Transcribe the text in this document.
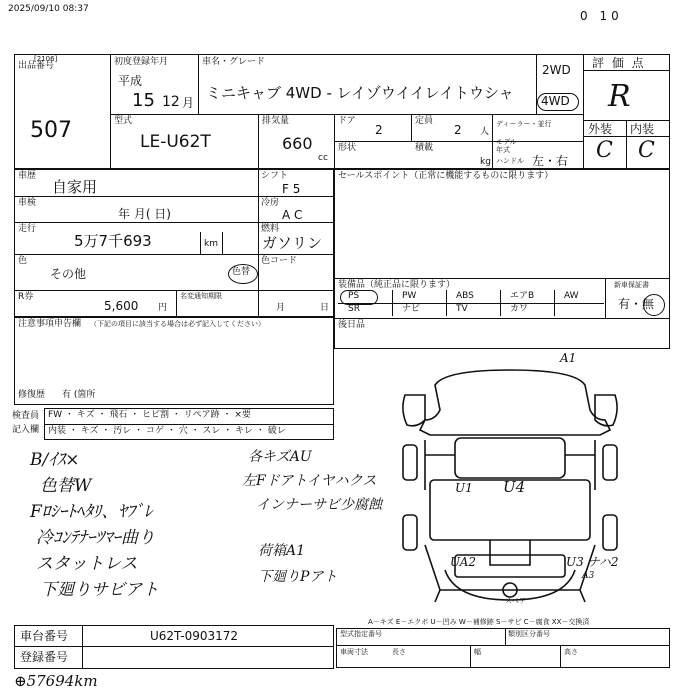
2025/09/10 08:37	0 10
[2106]
出品番号
507
初度登録年月
平成
15 12 月
車名・グレード
ミニキャブ 4WD - レイゾウイイレイトウシャ
2WD
4WD
評 価 点
R
外装 内装
C C
型式
LE-U62T
排気量
660
cc
ドア
2
定員
2 人
ディーラー・並行
モデル年式
形状	積載
kg ハンドル 左・右
車歴
自家用
シフト
F 5
車検
年 月( 日)
冷房
A C
走行
5万7千693	km
燃料
ガソリン
色
その他	色替
色コード
R券
5,600 円
名変通知期限
月	日
セールスポイント（正常に機能するものに限ります）
装備品（純正品に限ります）	新車保証書
有・無
PS	PW	ABS	エアB	AW
SR	ナビ	TV	カワ
後日品
注意事項申告欄 （下記の項目に該当する場合は必ず記入してください）
修復歴 有 (箇所
検査員
記入欄
FW ・ キズ ・ 飛石 ・ ヒビ割 ・ リペア跡 ・ ×要
内装 ・ キズ ・ 汚レ ・ コゲ ・ 穴 ・ スレ ・ キレ ・ 破レ
B/ｲｽ×
色替W
Fﾛｼｰﾄﾍﾀﾘ、ﾔﾌﾞﾚ
冷ｺﾝﾃﾅｰﾂﾏｰ曲り
スタットレス
下廻りサビアト
各キズAU
左Fドアトイヤハクス
インナーサビ少腐蝕
荷箱A1
下廻りPアト
A1
U1 U4
UA2	U3 ナハ2
A3
スペア
A－キズ E－エクボ U－凹み W－補修跡 S－サビ C－腐食 XX－交換済
車台番号	U62T-0903172
登録番号
型式指定番号	類別区分番号
車両寸法	長さ	幅	高さ
⊕57694km
